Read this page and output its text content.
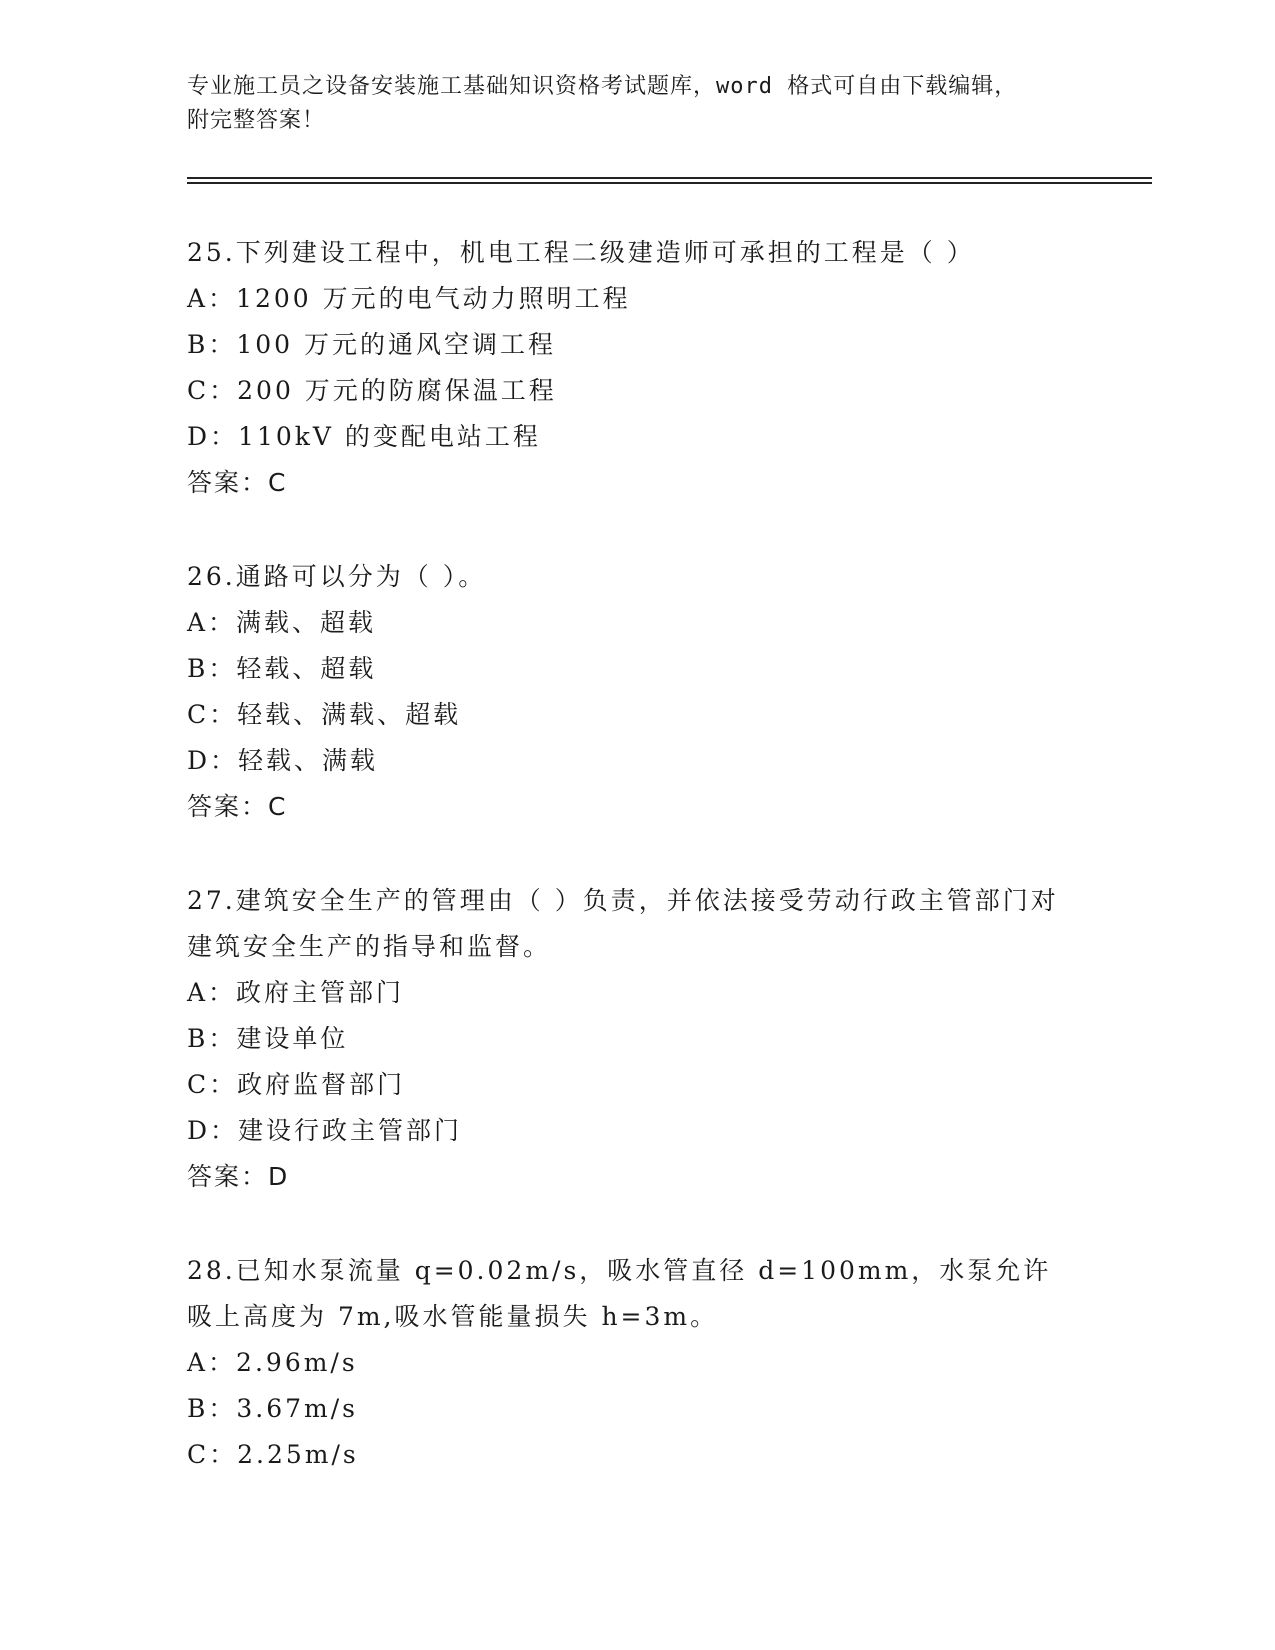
专业施工员之设备安装施工基础知识资格考试题库，word 格式可自由下载编辑，
附完整答案！
25.下列建设工程中，机电工程二级建造师可承担的工程是（ ）
A：1200 万元的电气动力照明工程
B：100 万元的通风空调工程
C：200 万元的防腐保温工程
D：110kV 的变配电站工程
答案：C
26.通路可以分为（ ）。
A：满载、超载
B：轻载、超载
C：轻载、满载、超载
D：轻载、满载
答案：C
27.建筑安全生产的管理由（ ）负责，并依法接受劳动行政主管部门对建筑安全生产的指导和监督。
A：政府主管部门
B：建设单位
C：政府监督部门
D：建设行政主管部门
答案：D
28.已知水泵流量 q=0.02m/s，吸水管直径 d=100mm，水泵允许吸上高度为 7m,吸水管能量损失 h=3m。
A：2.96m/s
B：3.67m/s
C：2.25m/s
